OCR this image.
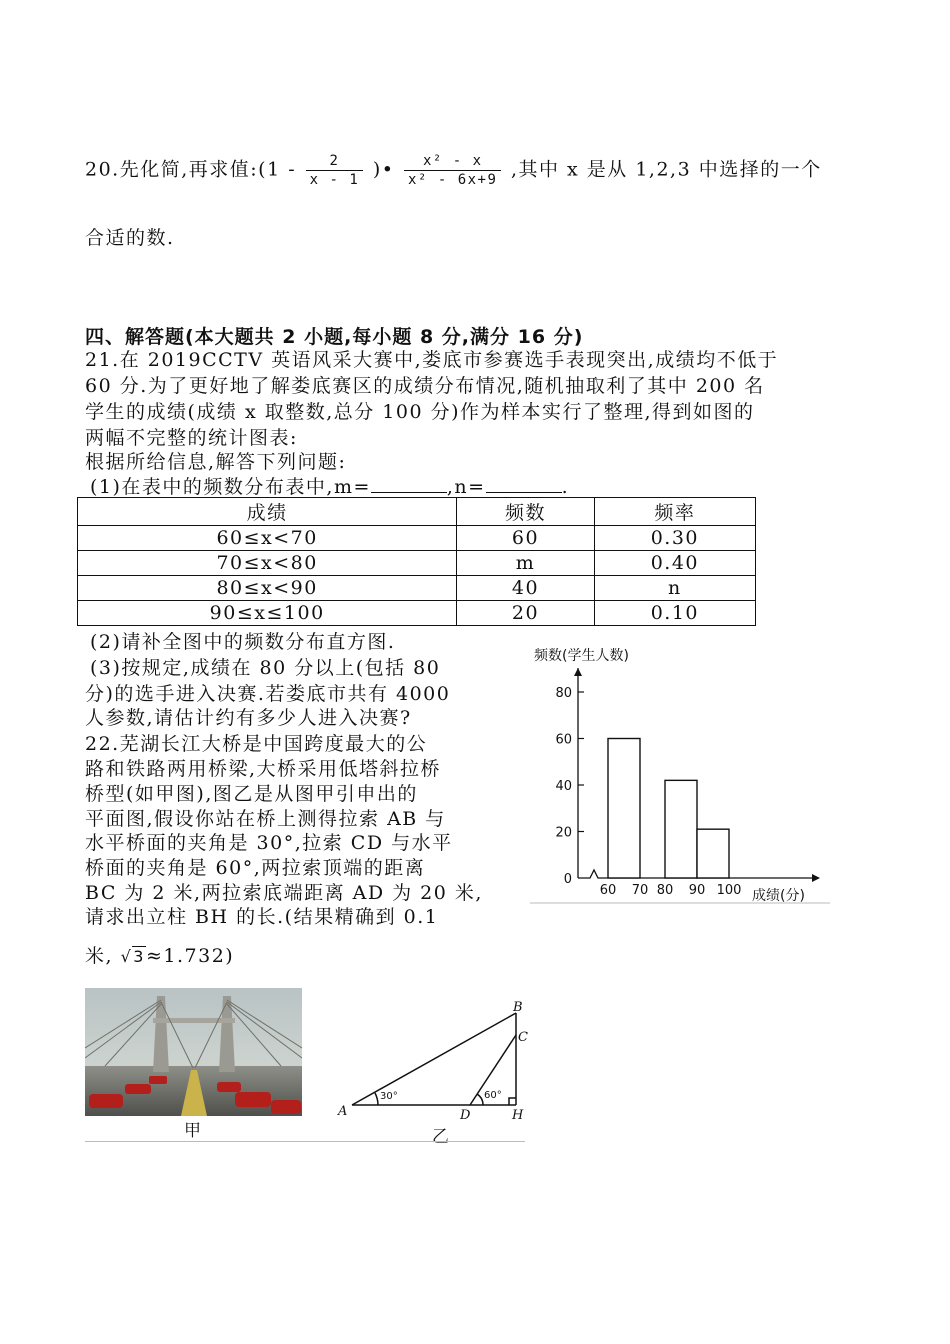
20.先化简,再求值:(1 - $\frac{2}{x - 1}$ )• $\frac{\text{x² - x}}{\text{x² - 6x+9}}$ ,其中 x 是从 1,2,3 中选择的一个
合适的数.
四、解答题(本大题共 2 小题,每小题 8 分,满分 16 分)
21.在 2019CCTV 英语风采大赛中,娄底市参赛选手表现突出,成绩均不低于
60 分.为了更好地了解娄底赛区的成绩分布情况,随机抽取利了其中 200 名
学生的成绩(成绩 x 取整数,总分 100 分)作为样本实行了整理,得到如图的
两幅不完整的统计图表:
根据所给信息,解答下列问题:
(1)在表中的频数分布表中,m=	,n=	.
成绩	频数	频率
60≤x<70	60	0.30
70≤x<80	m	0.40
80≤x<90	40	n
90≤x≤100	20	0.10
(2)请补全图中的频数分布直方图.
(3)按规定,成绩在 80 分以上(包括 80
分)的选手进入决赛.若娄底市共有 4000
人参数,请估计约有多少人进入决赛?
22.芜湖长江大桥是中国跨度最大的公
路和铁路两用桥梁,大桥采用低塔斜拉桥
桥型(如甲图),图乙是从图甲引申出的
平面图,假设你站在桥上测得拉索 AB 与
水平桥面的夹角是 30°,拉索 CD 与水平
桥面的夹角是 60°,两拉索顶端的距离
BC 为 2 米,两拉索底端距离 AD 为 20 米,
请求出立柱 BH 的长.(结果精确到 0.1
米, √3≈1.732)
0
20
40
60
80
60 70 80 90 100
频数(学生人数)
成绩(分)
甲
A
B
C
D	H
30°	60°
乙
